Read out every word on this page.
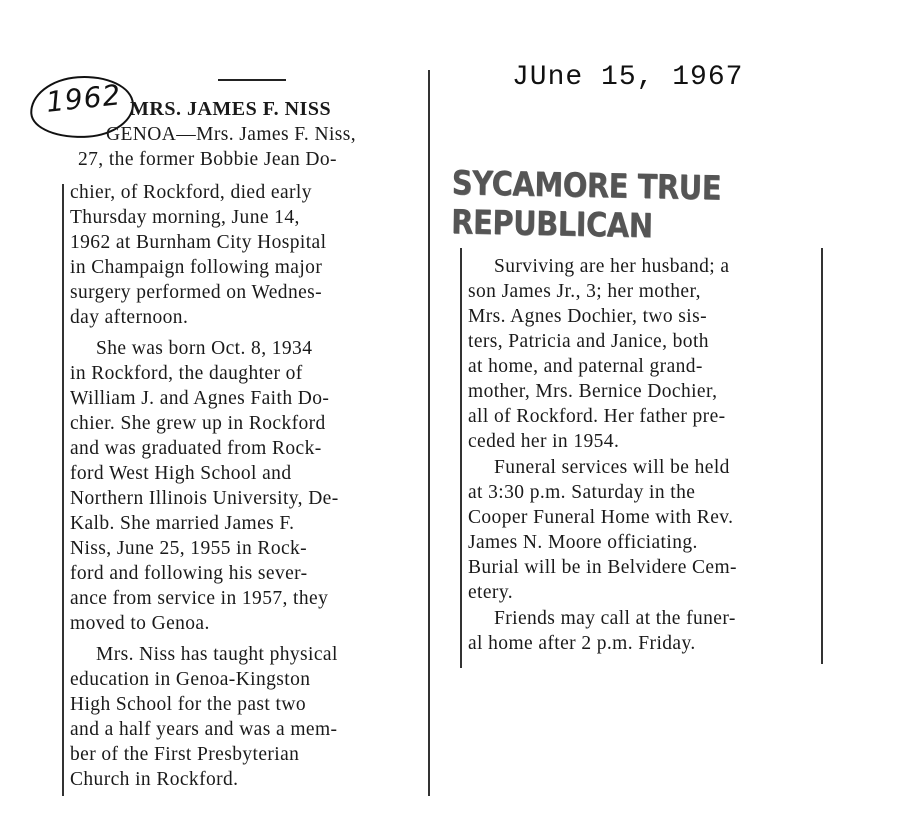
1962
JUne 15, 1967
SYCAMORE TRUE REPUBLICAN
MRS. JAMES F. NISS
GENOA—Mrs. James F. Niss,
27, the former Bobbie Jean Do-
chier, of Rockford, died early
Thursday morning, June 14,
1962 at Burnham City Hospital
in Champaign following major
surgery performed on Wednes-
day afternoon.
She was born Oct. 8, 1934
in Rockford, the daughter of
William J. and Agnes Faith Do-
chier. She grew up in Rockford
and was graduated from Rock-
ford West High School and
Northern Illinois University, De-
Kalb. She married James F.
Niss, June 25, 1955 in Rock-
ford and following his sever-
ance from service in 1957, they
moved to Genoa.
Mrs. Niss has taught physical
education in Genoa-Kingston
High School for the past two
and a half years and was a mem-
ber of the First Presbyterian
Church in Rockford.
Surviving are her husband; a
son James Jr., 3; her mother,
Mrs. Agnes Dochier, two sis-
ters, Patricia and Janice, both
at home, and paternal grand-
mother, Mrs. Bernice Dochier,
all of Rockford. Her father pre-
ceded her in 1954.
Funeral services will be held
at 3:30 p.m. Saturday in the
Cooper Funeral Home with Rev.
James N. Moore officiating.
Burial will be in Belvidere Cem-
etery.
Friends may call at the funer-
al home after 2 p.m. Friday.
